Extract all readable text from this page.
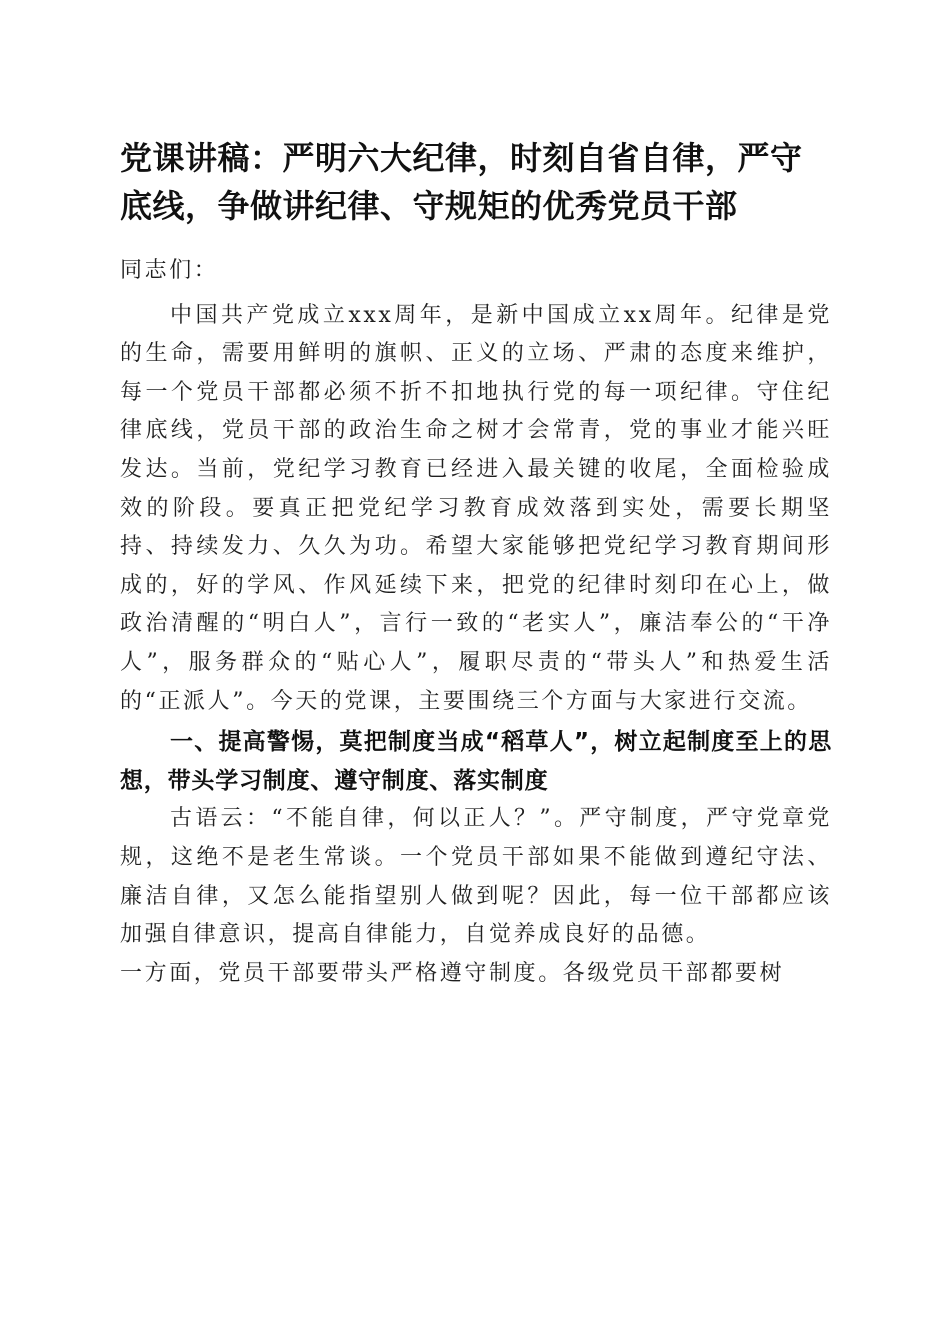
党课讲稿：严明六大纪律，时刻自省自律，严守底线，争做讲纪律、守规矩的优秀党员干部

同志们：

中国共产党成立xxx周年，是新中国成立xx周年。纪律是党的生命，需要用鲜明的旗帜、正义的立场、严肃的态度来维护，每一个党员干部都必须不折不扣地执行党的每一项纪律。守住纪律底线，党员干部的政治生命之树才会常青，党的事业才能兴旺发达。当前，党纪学习教育已经进入最关键的收尾，全面检验成效的阶段。要真正把党纪学习教育成效落到实处，需要长期坚持、持续发力、久久为功。希望大家能够把党纪学习教育期间形成的，好的学风、作风延续下来，把党的纪律时刻印在心上，做政治清醒的“明白人”，言行一致的“老实人”，廉洁奉公的“干净人”，服务群众的“贴心人”，履职尽责的“带头人”和热爱生活的“正派人”。今天的党课，主要围绕三个方面与大家进行交流。

一、提高警惕，莫把制度当成“稻草人”，树立起制度至上的思想，带头学习制度、遵守制度、落实制度

古语云：“不能自律，何以正人？”。严守制度，严守党章党规，这绝不是老生常谈。一个党员干部如果不能做到遵纪守法、廉洁自律，又怎么能指望别人做到呢？因此，每一位干部都应该加强自律意识，提高自律能力，自觉养成良好的品德。

一方面，党员干部要带头严格遵守制度。各级党员干部都要树
